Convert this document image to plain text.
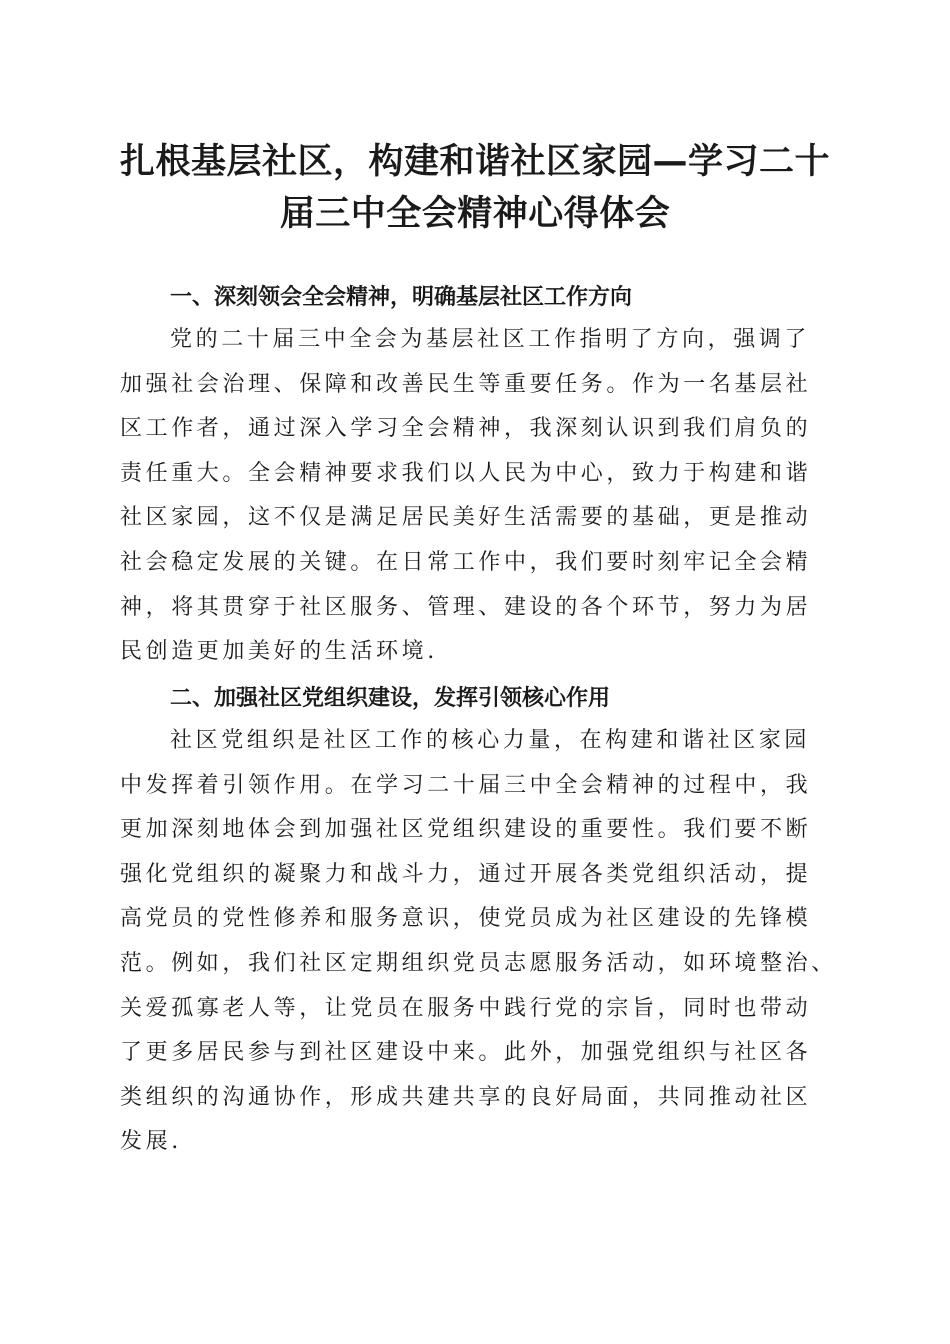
扎根基层社区，构建和谐社区家园—学习二十
届三中全会精神心得体会
一、深刻领会全会精神，明确基层社区工作方向

党的二十届三中全会为基层社区工作指明了方向，强调了
加强社会治理、保障和改善民生等重要任务。作为一名基层社
区工作者，通过深入学习全会精神，我深刻认识到我们肩负的
责任重大。全会精神要求我们以人民为中心，致力于构建和谐
社区家园，这不仅是满足居民美好生活需要的基础，更是推动
社会稳定发展的关键。在日常工作中，我们要时刻牢记全会精
神，将其贯穿于社区服务、管理、建设的各个环节，努力为居
民创造更加美好的生活环境.

二、加强社区党组织建设，发挥引领核心作用

社区党组织是社区工作的核心力量，在构建和谐社区家园
中发挥着引领作用。在学习二十届三中全会精神的过程中，我
更加深刻地体会到加强社区党组织建设的重要性。我们要不断
强化党组织的凝聚力和战斗力，通过开展各类党组织活动，提
高党员的党性修养和服务意识，使党员成为社区建设的先锋模
范。例如，我们社区定期组织党员志愿服务活动，如环境整治、
关爱孤寡老人等，让党员在服务中践行党的宗旨，同时也带动
了更多居民参与到社区建设中来。此外，加强党组织与社区各
类组织的沟通协作，形成共建共享的良好局面，共同推动社区
发展.
